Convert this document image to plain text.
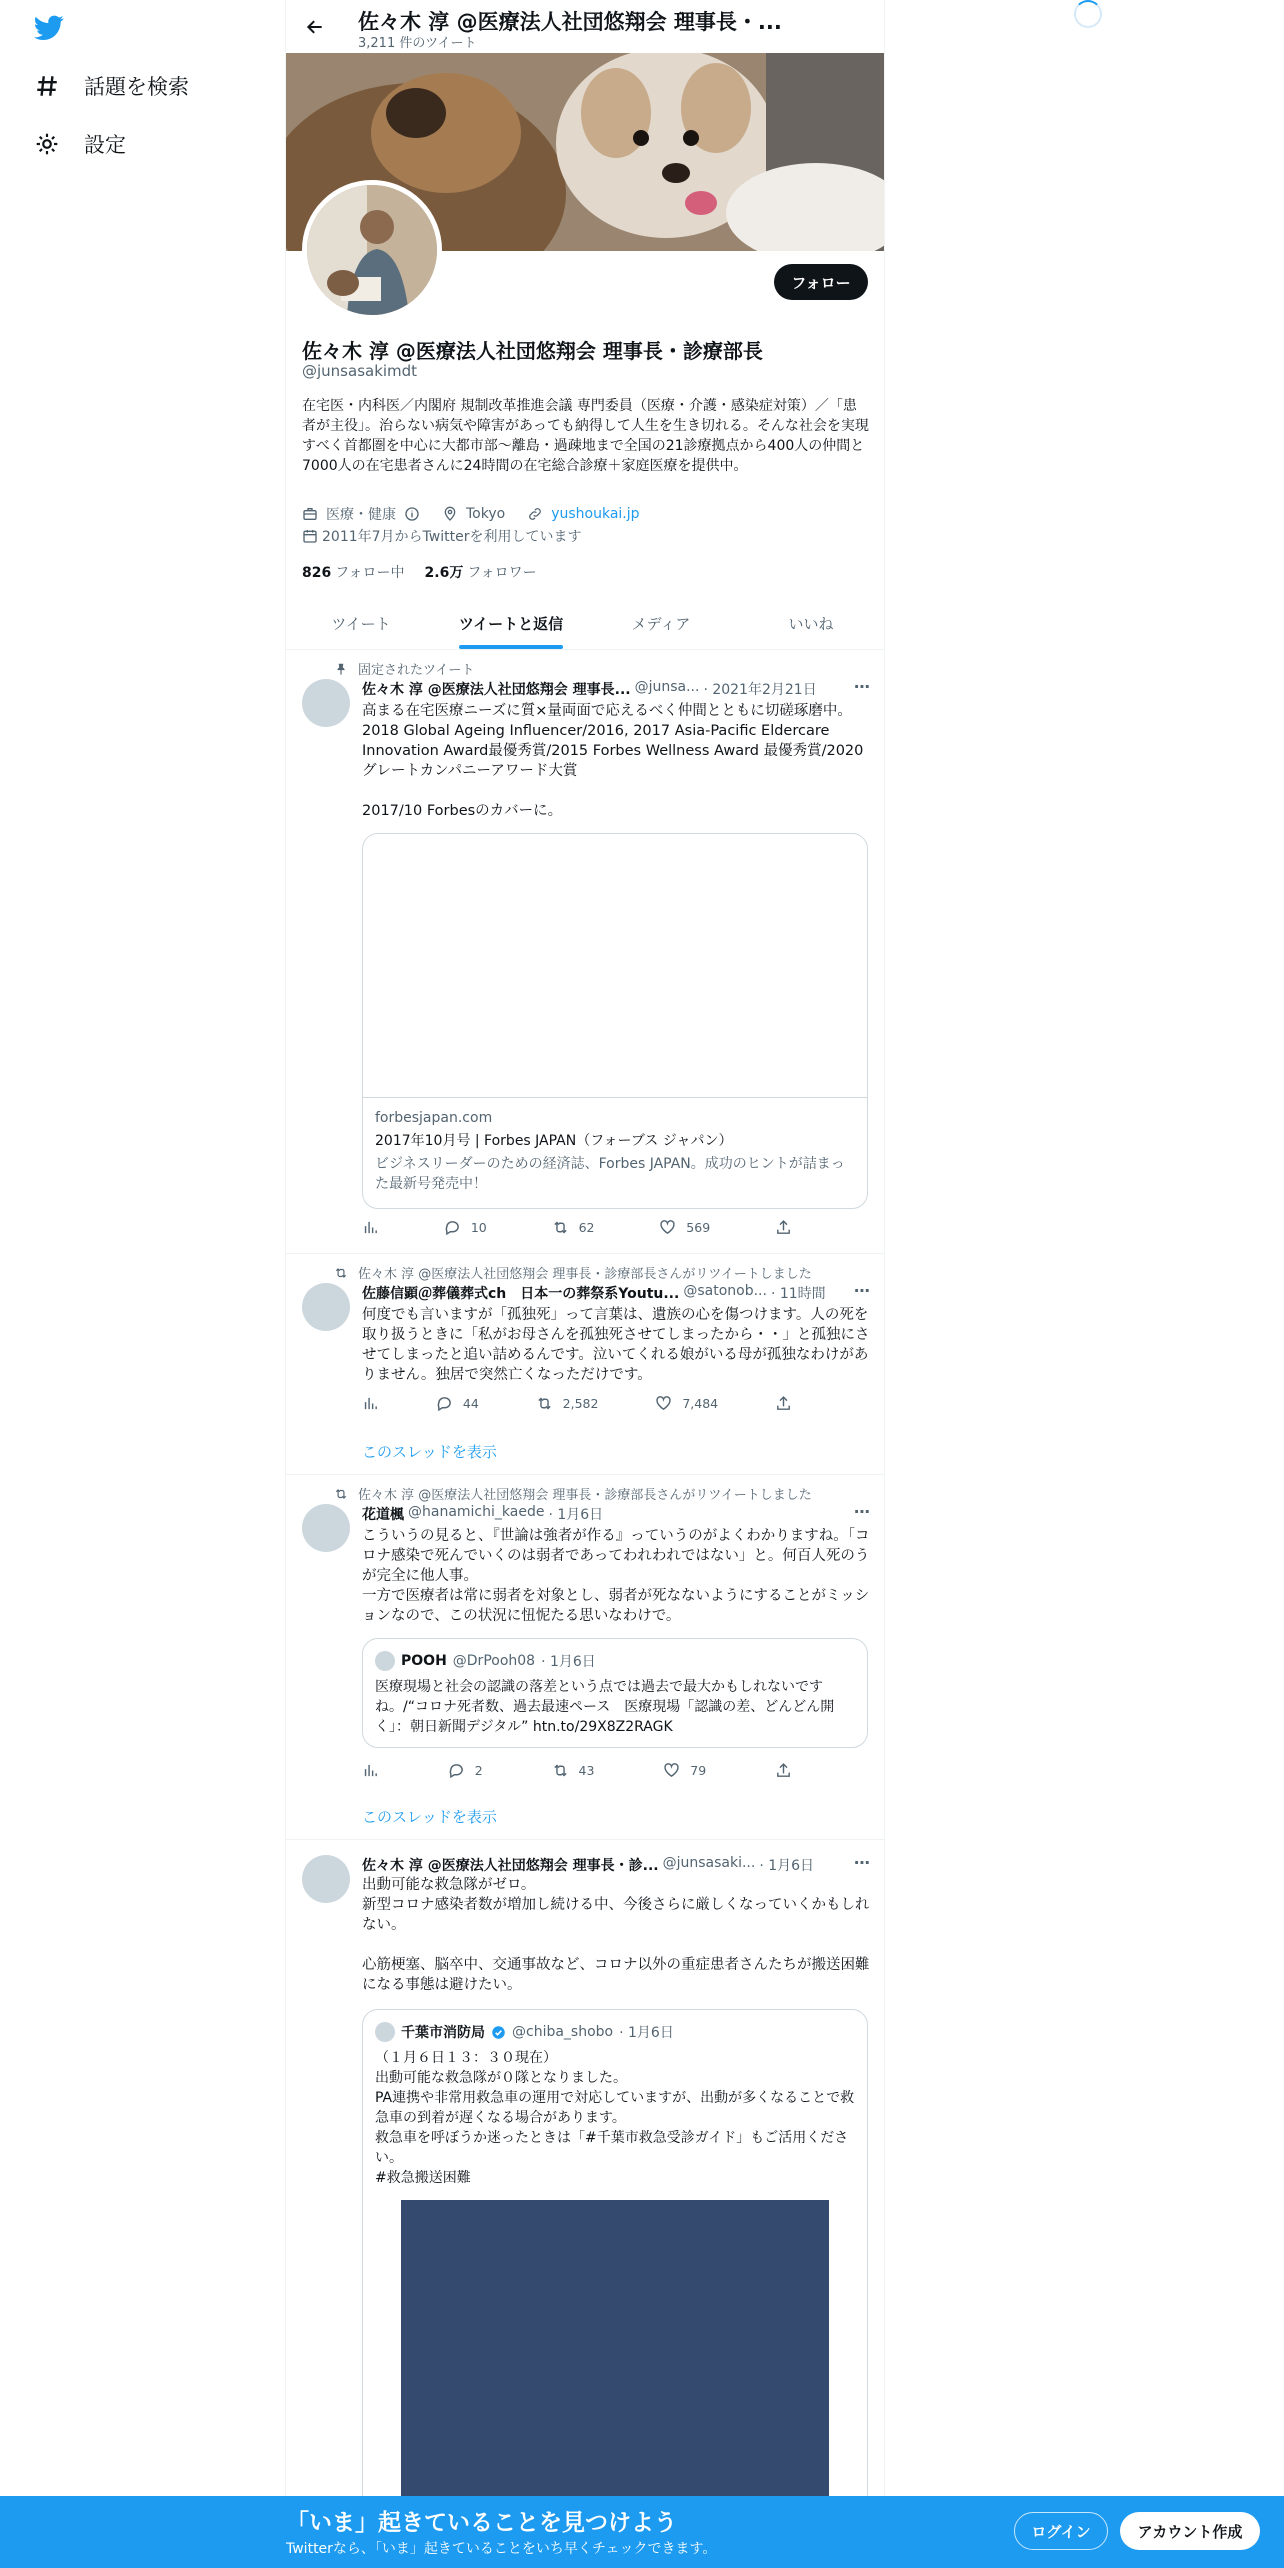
話題を検索
設定
佐々木 淳 @医療法人社団悠翔会 理事長・...
3,211 件のツイート
フォロー
佐々木 淳 @医療法人社団悠翔会 理事長・診療部長
@junsasakimdt
在宅医・内科医／内閣府 規制改革推進会議 専門委員（医療・介護・感染症対策）／「患者が主役」。治らない病気や障害があっても納得して人生を生き切れる。そんな社会を実現すべく首都圏を中心に大都市部～離島・過疎地まで全国の21診療拠点から400人の仲間と7000人の在宅患者さんに24時間の在宅総合診療＋家庭医療を提供中。
医療・健康	Tokyo	yushoukai.jp
2011年7月からTwitterを利用しています
826 フォロー中 2.6万 フォロワー
ツイート	ツイートと返信	メディア	いいね
固定されたツイート
佐々木 淳 @医療法人社団悠翔会 理事長... @junsa... · 2021年2月21日 ⋯
高まる在宅医療ニーズに質×量両面で応えるべく仲間とともに切磋琢磨中。2018 Global Ageing Influencer/2016, 2017 Asia-Pacific Eldercare Innovation Award最優秀賞/2015 Forbes Wellness Award 最優秀賞/2020グレートカンパニーアワード大賞

2017/10 Forbesのカバーに。
forbesjapan.com
2017年10月号 | Forbes JAPAN（フォーブス ジャパン）
ビジネスリーダーのための経済誌、Forbes JAPAN。成功のヒントが詰まった最新号発売中！
10	62	569
佐々木 淳 @医療法人社団悠翔会 理事長・診療部長さんがリツイートしました
佐藤信顕＠葬儀葬式ch　日本一の葬祭系Youtu... @satonob... · 11時間 ⋯
何度でも言いますが「孤独死」って言葉は、遺族の心を傷つけます。人の死を取り扱うときに「私がお母さんを孤独死させてしまったから・・」と孤独にさせてしまったと追い詰めるんです。泣いてくれる娘がいる母が孤独なわけがありません。独居で突然亡くなっただけです。
44	2,582	7,484
このスレッドを表示
佐々木 淳 @医療法人社団悠翔会 理事長・診療部長さんがリツイートしました
花道楓 @hanamichi_kaede · 1月6日	⋯
こういうの見ると、『世論は強者が作る』っていうのがよくわかりますね。「コロナ感染で死んでいくのは弱者であってわれわれではない」と。何百人死のうが完全に他人事。
一方で医療者は常に弱者を対象とし、弱者が死なないようにすることがミッションなので、この状況に忸怩たる思いなわけで。
POOH @DrPooh08 · 1月6日
医療現場と社会の認識の落差という点では過去で最大かもしれないですね。/“コロナ死者数、過去最速ペース　医療現場「認識の差、どんどん開く」：朝日新聞デジタル” htn.to/29X8Z2RAGK
2	43	79
このスレッドを表示
佐々木 淳 @医療法人社団悠翔会 理事長・診... @junsasaki... · 1月6日 ⋯
出動可能な救急隊がゼロ。
新型コロナ感染者数が増加し続ける中、今後さらに厳しくなっていくかもしれない。

心筋梗塞、脳卒中、交通事故など、コロナ以外の重症患者さんたちが搬送困難になる事態は避けたい。
千葉市消防局 @chiba_shobo · 1月6日
（１月６日１３：３０現在）
出動可能な救急隊が０隊となりました。
PA連携や非常用救急車の運用で対応していますが、出動が多くなることで救急車の到着が遅くなる場合があります。
救急車を呼ぼうか迷ったときは「#千葉市救急受診ガイド」もご活用ください。
#救急搬送困難
「いま」起きていることを見つけよう
Twitterなら、「いま」起きていることをいち早くチェックできます。
ログイン	アカウント作成
